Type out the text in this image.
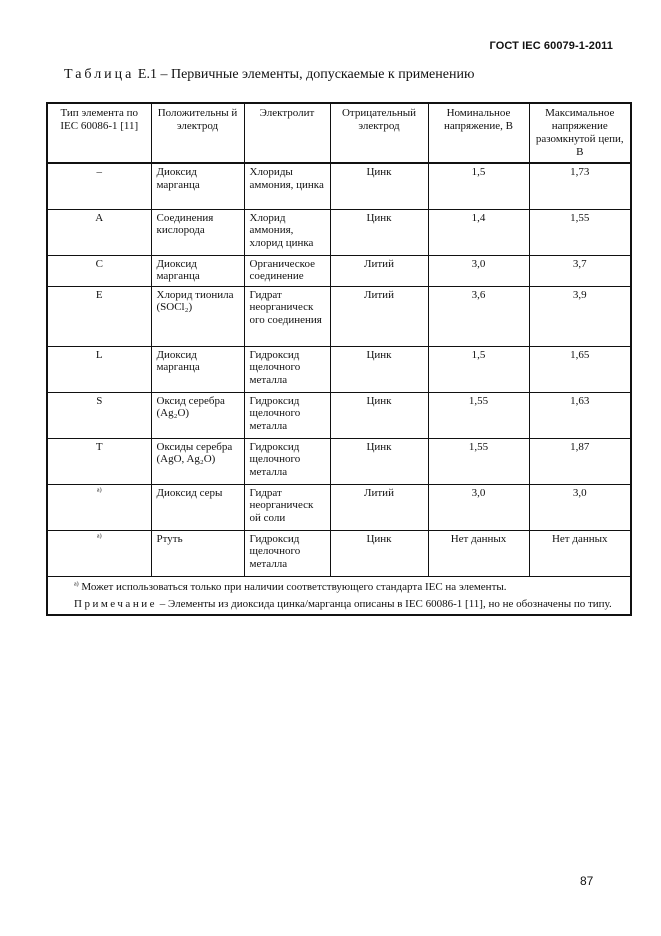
ГОСТ IEC 60079-1-2011
Таблица Е.1 – Первичные элементы, допускаемые к применению
Тип элемента по IEC 60086-1 [11]	Положительны й электрод	Электролит	Отрицательный электрод	Номинальное напряжение, В	Максимальное напряжение разомкнутой цепи, В
–	Диоксид марганца	Хлориды аммония, цинка	Цинк	1,5	1,73
A	Соединения кислорода	Хлорид аммония, хлорид цинка	Цинк	1,4	1,55
C	Диоксид марганца	Органическое соединение	Литий	3,0	3,7
E	Хлорид тионила (SOCl₂)	Гидрат неорганическ ого соединения	Литий	3,6	3,9
L	Диоксид марганца	Гидроксид щелочного металла	Цинк	1,5	1,65
S	Оксид серебра (Ag₂O)	Гидроксид щелочного металла	Цинк	1,55	1,63
T	Оксиды серебра (AgO, Ag₂O)	Гидроксид щелочного металла	Цинк	1,55	1,87
$^{а)}$	Диоксид серы	Гидрат неорганическ ой соли	Литий	3,0	3,0
$^{а)}$	Ртуть	Гидроксид щелочного металла	Цинк	Нет данных	Нет данных

$^{а)}$ Может использоваться только при наличии соответствующего стандарта IEC на элементы.
Примечание – Элементы из диоксида цинка/марганца описаны в IEC 60086-1 [11], но не обозначены по типу.					
87
